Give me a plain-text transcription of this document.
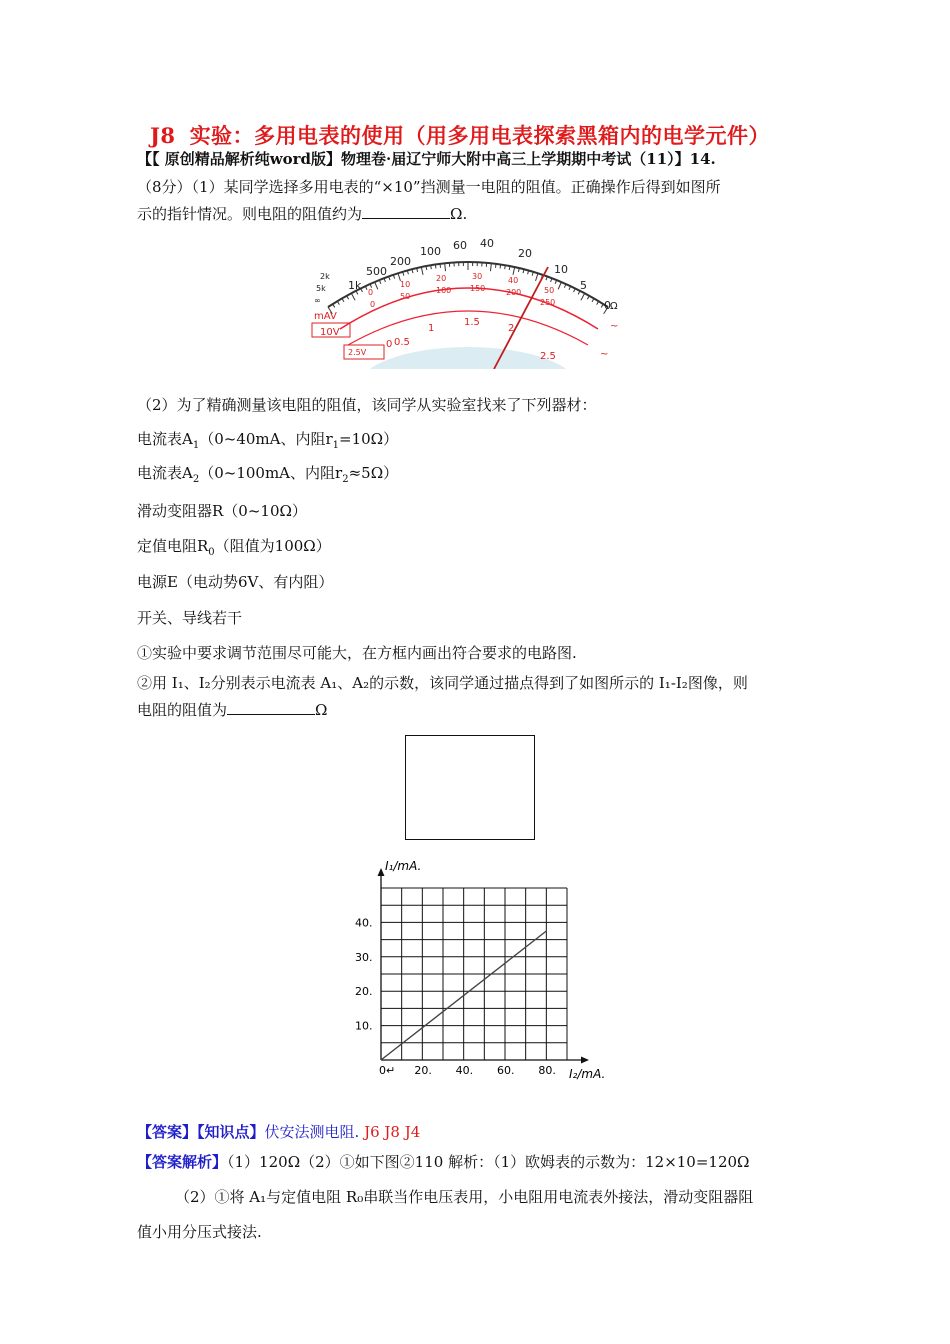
J8 实验：多用电表的使用（用多用电表探索黑箱内的电学元件）
【【 原创精品解析纯word版】物理卷·届辽宁师大附中高三上学期期中考试（11）】14.
（8分）（1）某同学选择多用电表的“×10”挡测量一电阻的阻值。正确操作后得到如图所
示的指针情况。则电阻的阻值约为	Ω.
1k
500
200
100 60 40
20
10
5
0
2k
5k
∞
0
10
20	30	40
50
0
50
100 150	200
250
0 0.5
1
1.5
2
2.5
mAV
10V
2.5V
Ω
~
~
（2）为了精确测量该电阻的阻值，该同学从实验室找来了下列器材：
电流表$A_1(0\sim 40mA$、内阻$r_1=10\Omega$）
电流表$A_2(0\sim 100mA$、内阻$r_2\approx 5\Omega$）
滑动变阻器R（0~10Ω）
定值电阻$R_0$（阻值为100Ω）
电源E（电动势6V、有内阻）
开关、导线若干
①实验中要求调节范围尽可能大，在方框内画出符合要求的电路图.
②用 I₁、I₂分别表示电流表 A₁、A₂的示数，该同学通过描点得到了如图所示的 I₁-I₂图像，则
电阻的阻值为	Ω
0↵ 20. 40. 60. 80.
10.
20.
30.
40.
I₁/mA.
I₂/mA.
【答案】【知识点】伏安法测电阻. J6 J8 J4
【答案解析】（1）120Ω（2）①如下图②110 解析：（1）欧姆表的示数为：12×10=120Ω
（2）①将 A₁与定值电阻 R₀串联当作电压表用，小电阻用电流表外接法，滑动变阻器阻
值小用分压式接法.
